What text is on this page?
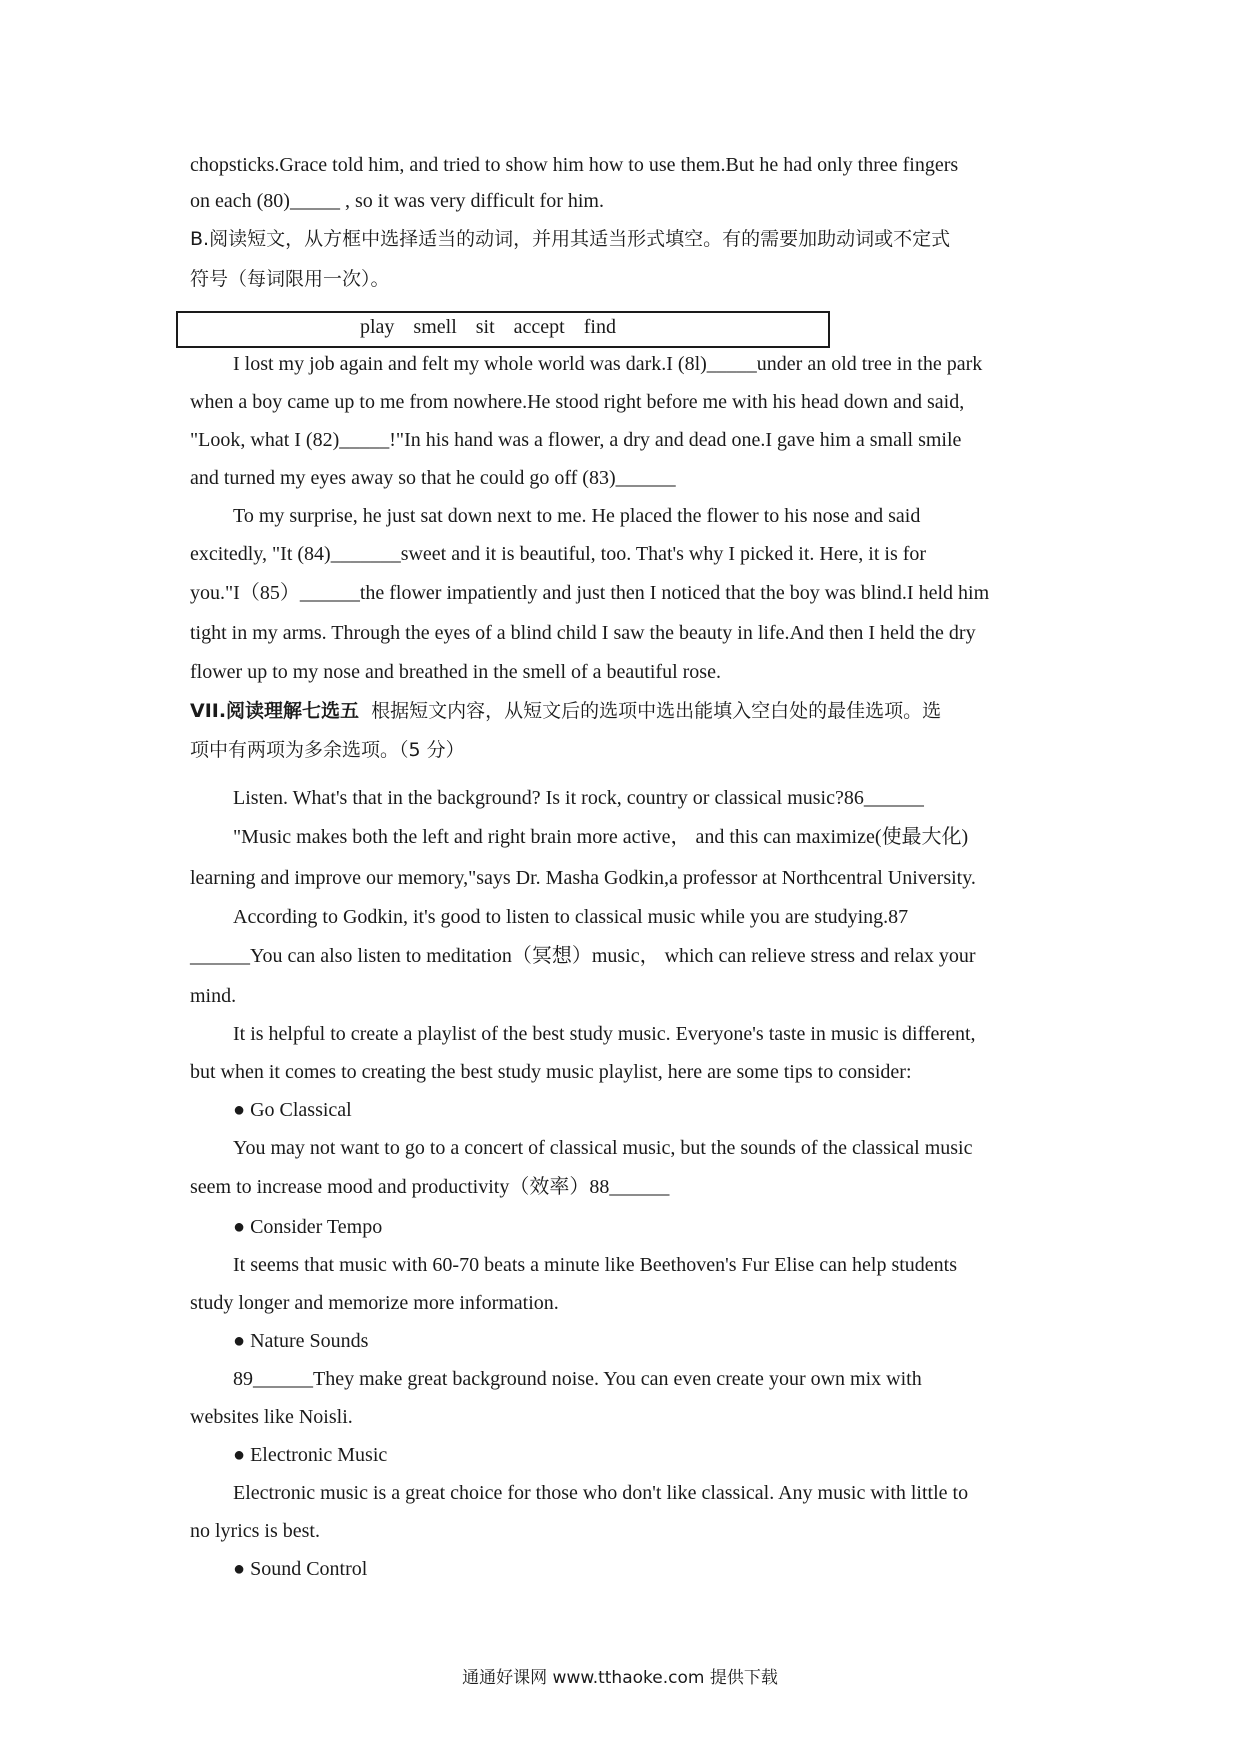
chopsticks.Grace told him, and tried to show him how to use them.But he had only three fingers
on each (80)_____ , so it was very difficult for him.
B.阅读短文，从方框中选择适当的动词，并用其适当形式填空。有的需要加助动词或不定式
符号（每词限用一次）。
play smell sit accept find
I lost my job again and felt my whole world was dark.I (8l)_____under an old tree in the park
when a boy came up to me from nowhere.He stood right before me with his head down and said,
"Look, what I (82)_____!"In his hand was a flower, a dry and dead one.I gave him a small smile
and turned my eyes away so that he could go off (83)______
To my surprise, he just sat down next to me. He placed the flower to his nose and said
excitedly, "It (84)_______sweet and it is beautiful, too. That's why I picked it. Here, it is for
you."I（85）______the flower impatiently and just then I noticed that the boy was blind.I held him
tight in my arms. Through the eyes of a blind child I saw the beauty in life.And then I held the dry
flower up to my nose and breathed in the smell of a beautiful rose.
VII.阅读理解七选五 根据短文内容，从短文后的选项中选出能填入空白处的最佳选项。选
项中有两项为多余选项。（5 分）
Listen. What's that in the background? Is it rock, country or classical music?86______
"Music makes both the left and right brain more active， and this can maximize(使最大化)
learning and improve our memory,"says Dr. Masha Godkin,a professor at Northcentral University.
According to Godkin, it's good to listen to classical music while you are studying.87
______You can also listen to meditation（冥想）music， which can relieve stress and relax your
mind.
It is helpful to create a playlist of the best study music. Everyone's taste in music is different,
but when it comes to creating the best study music playlist, here are some tips to consider:
● Go Classical
You may not want to go to a concert of classical music, but the sounds of the classical music
seem to increase mood and productivity（效率）88______
● Consider Tempo
It seems that music with 60-70 beats a minute like Beethoven's Fur Elise can help students
study longer and memorize more information.
● Nature Sounds
89______They make great background noise. You can even create your own mix with
websites like Noisli.
● Electronic Music
Electronic music is a great choice for those who don't like classical. Any music with little to
no lyrics is best.
● Sound Control
通通好课网 www.tthaoke.com 提供下载
